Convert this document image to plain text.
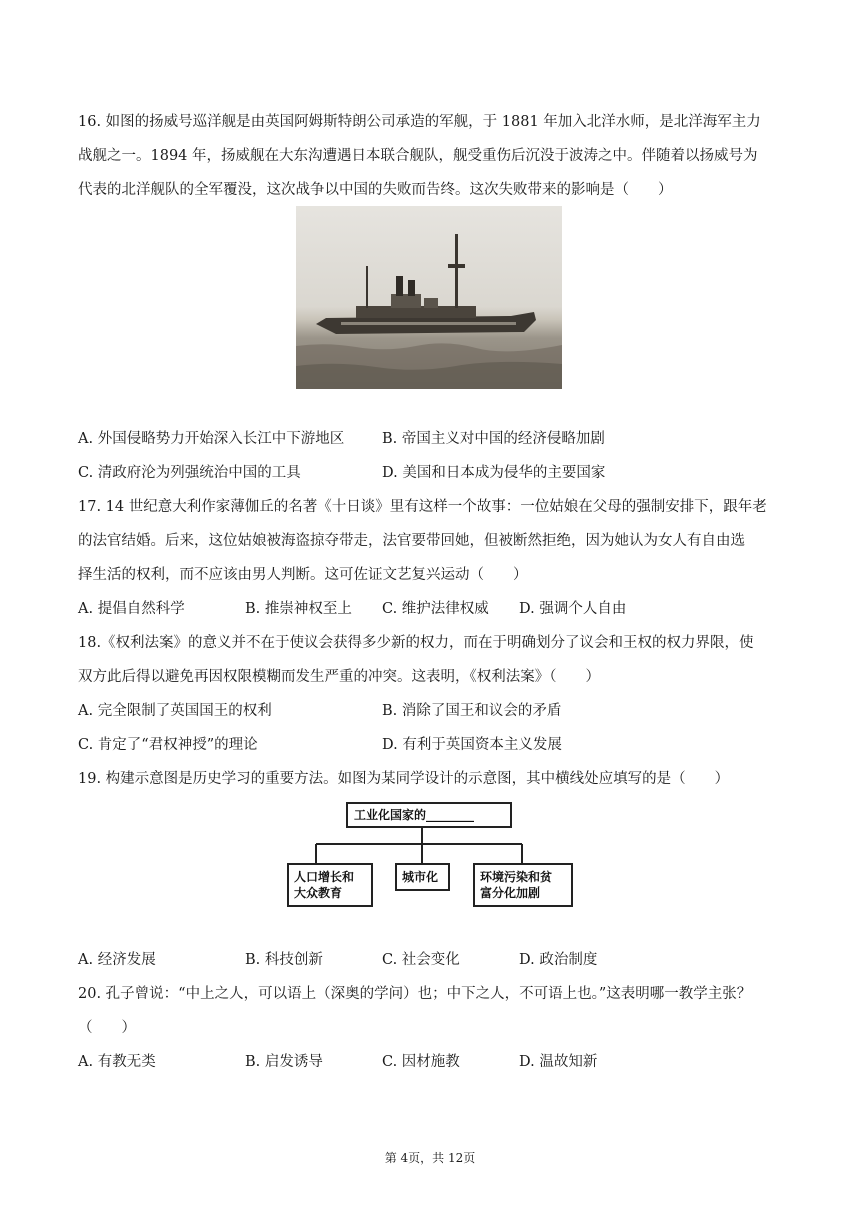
16. 如图的扬威号巡洋舰是由英国阿姆斯特朗公司承造的军舰，于 1881 年加入北洋水师，是北洋海军主力
战舰之一。1894 年，扬威舰在大东沟遭遇日本联合舰队，舰受重伤后沉没于波涛之中。伴随着以扬威号为
代表的北洋舰队的全军覆没，这次战争以中国的失败而告终。这次失败带来的影响是（　　）
A. 外国侵略势力开始深入长江中下游地区	B. 帝国主义对中国的经济侵略加剧
C. 清政府沦为列强统治中国的工具	D. 美国和日本成为侵华的主要国家
17. 14 世纪意大利作家薄伽丘的名著《十日谈》里有这样一个故事：一位姑娘在父母的强制安排下，跟年老
的法官结婚。后来，这位姑娘被海盗掠夺带走，法官要带回她，但被断然拒绝，因为她认为女人有自由选
择生活的权利，而不应该由男人判断。这可佐证文艺复兴运动（　　）
A. 提倡自然科学	B. 推崇神权至上 C. 维护法律权威 D. 强调个人自由
18.《权利法案》的意义并不在于使议会获得多少新的权力，而在于明确划分了议会和王权的权力界限，使
双方此后得以避免再因权限模糊而发生严重的冲突。这表明，《权利法案》（　　）
A. 完全限制了英国国王的权利	B. 消除了国王和议会的矛盾
C. 肯定了“君权神授”的理论	D. 有利于英国资本主义发展
19. 构建示意图是历史学习的重要方法。如图为某同学设计的示意图，其中横线处应填写的是（　　）
工业化国家的________
人口增长和
大众教育
城市化	环境污染和贫
富分化加剧
A. 经济发展	B. 科技创新	C. 社会变化	D. 政治制度
20. 孔子曾说：“中上之人，可以语上（深奥的学问）也；中下之人，不可语上也。”这表明哪一教学主张？
（　　）
A. 有教无类	B. 启发诱导	C. 因材施教	D. 温故知新
第 4页，共 12页
